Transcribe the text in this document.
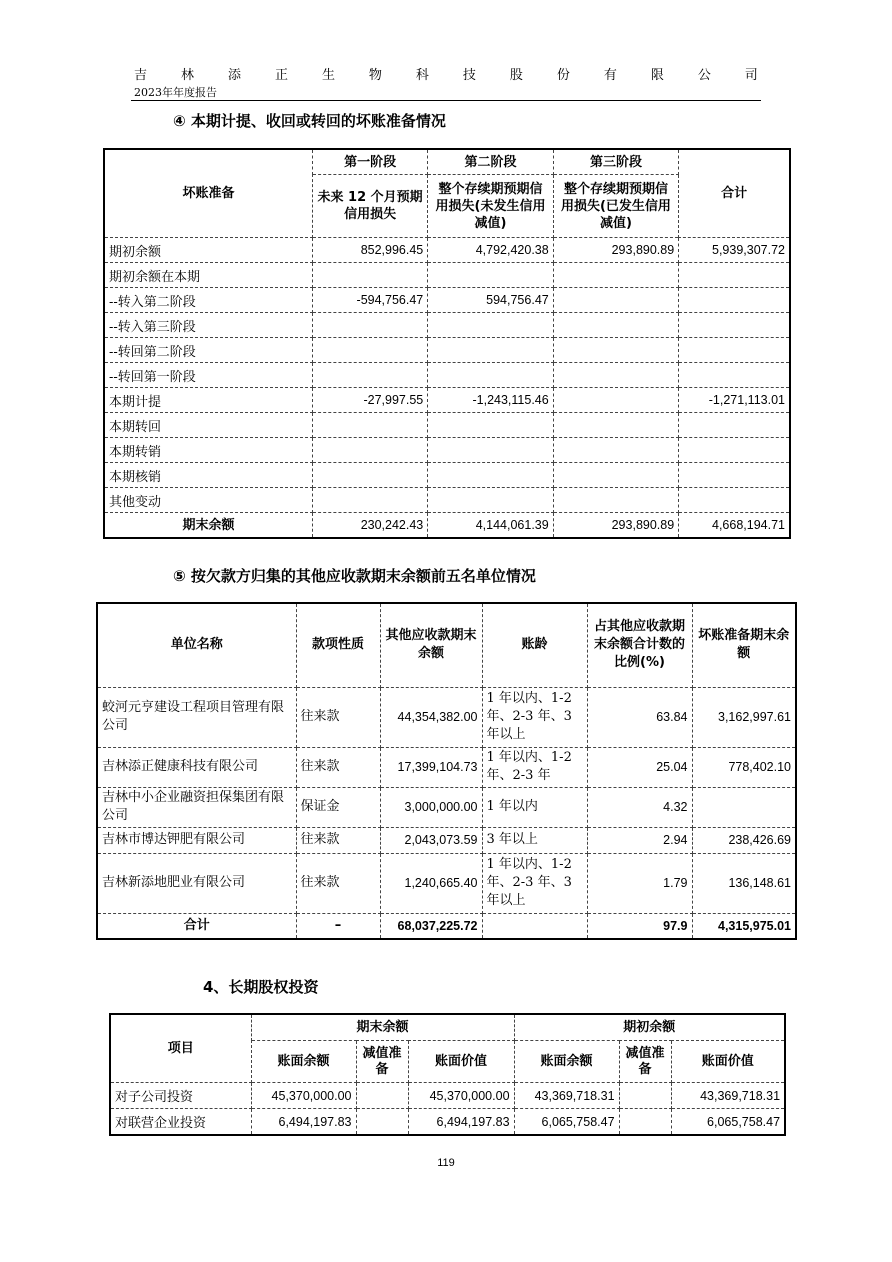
吉	林	添	正	生	物	科	技	股	份	有	限	公	司
2023年年度报告
④ 本期计提、收回或转回的坏账准备情况
坏账准备	第一阶段	第二阶段	第三阶段	合计
	未来 12 个月预期信用损失	整个存续期预期信用损失(未发生信用减值)	整个存续期预期信用损失(已发生信用减值)	
期初余额	852,996.45	4,792,420.38	293,890.89	5,939,307.72
期初余额在本期				
--转入第二阶段	-594,756.47	594,756.47		
--转入第三阶段				
--转回第二阶段				
--转回第一阶段				
本期计提	-27,997.55	-1,243,115.46		-1,271,113.01
本期转回				
本期转销				
本期核销				
其他变动				
期末余额	230,242.43	4,144,061.39	293,890.89	4,668,194.71
⑤ 按欠款方归集的其他应收款期末余额前五名单位情况
单位名称	款项性质	其他应收款期末余额	账龄	占其他应收款期末余额合计数的比例(%)	坏账准备期末余额
蛟河元亨建设工程项目管理有限公司	往来款	44,354,382.00	1 年以内、1-2 年、2-3 年、3 年以上	63.84	3,162,997.61
吉林添正健康科技有限公司	往来款	17,399,104.73	1 年以内、1-2 年、2-3 年	25.04	778,402.10
吉林中小企业融资担保集团有限公司	保证金	3,000,000.00	1 年以内	4.32	
吉林市博达钾肥有限公司	往来款	2,043,073.59	3 年以上	2.94	238,426.69
吉林新添地肥业有限公司	往来款	1,240,665.40	1 年以内、1-2 年、2-3 年、3 年以上	1.79	136,148.61
合计	–	68,037,225.72		97.9	4,315,975.01
4、长期股权投资
项目	期末余额			期初余额		
	账面余额	减值准备	账面价值	账面余额	减值准备	账面价值
对子公司投资	45,370,000.00		45,370,000.00	43,369,718.31		43,369,718.31
对联营企业投资	6,494,197.83		6,494,197.83	6,065,758.47		6,065,758.47
119
